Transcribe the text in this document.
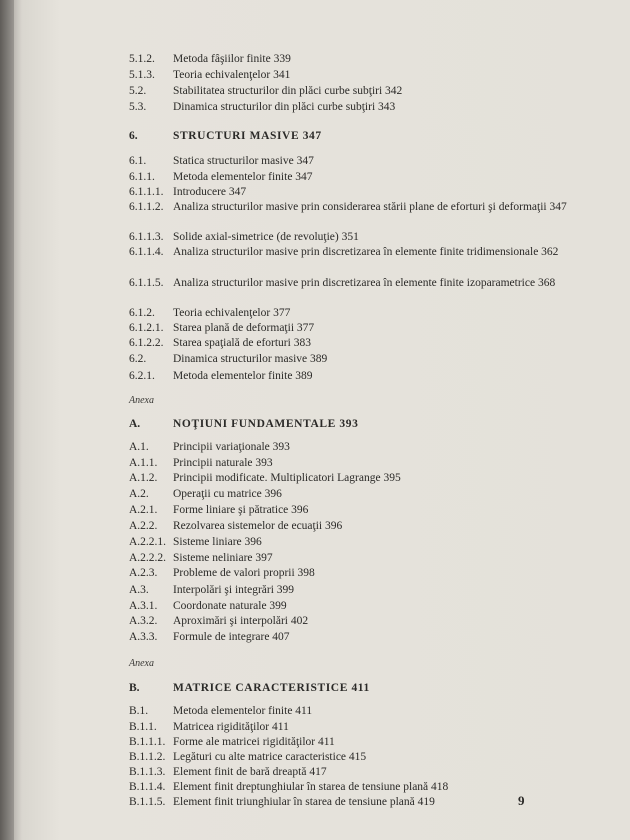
5.1.2. Metoda fâşiilor finite 339
5.1.3. Teoria echivalenţelor 341
5.2. Stabilitatea structurilor din plăci curbe subţiri 342
5.3. Dinamica structurilor din plăci curbe subţiri 343
6.	STRUCTURI MASIVE 347
6.1. Statica structurilor masive 347
6.1.1. Metoda elementelor finite 347
6.1.1.1. Introducere 347
6.1.1.2. Analiza structurilor masive prin considerarea stării plane de eforturi şi deformaţii 347
6.1.1.3. Solide axial-simetrice (de revoluţie) 351
6.1.1.4. Analiza structurilor masive prin discretizarea în elemente finite tridimensionale 362
6.1.1.5. Analiza structurilor masive prin discretizarea în elemente finite izoparametrice 368
6.1.2. Teoria echivalenţelor 377
6.1.2.1. Starea plană de deformaţii 377
6.1.2.2. Starea spaţială de eforturi 383
6.2. Dinamica structurilor masive 389
6.2.1. Metoda elementelor finite 389
Anexa
A.	NOŢIUNI FUNDAMENTALE 393
A.1. Principii variaţionale 393
A.1.1. Principii naturale 393
A.1.2. Principii modificate. Multiplicatori Lagrange 395
A.2. Operaţii cu matrice 396
A.2.1. Forme liniare şi pătratice 396
A.2.2. Rezolvarea sistemelor de ecuaţii 396
A.2.2.1. Sisteme liniare 396
A.2.2.2. Sisteme neliniare 397
A.2.3. Probleme de valori proprii 398
A.3. Interpolări şi integrări 399
A.3.1. Coordonate naturale 399
A.3.2. Aproximări şi interpolări 402
A.3.3. Formule de integrare 407
Anexa
B.	MATRICE CARACTERISTICE 411
B.1. Metoda elementelor finite 411
B.1.1. Matricea rigidităţilor 411
B.1.1.1. Forme ale matricei rigidităţilor 411
B.1.1.2. Legături cu alte matrice caracteristice 415
B.1.1.3. Element finit de bară dreaptă 417
B.1.1.4. Element finit dreptunghiular în starea de tensiune plană 418
B.1.1.5. Element finit triunghiular în starea de tensiune plană 419	9
